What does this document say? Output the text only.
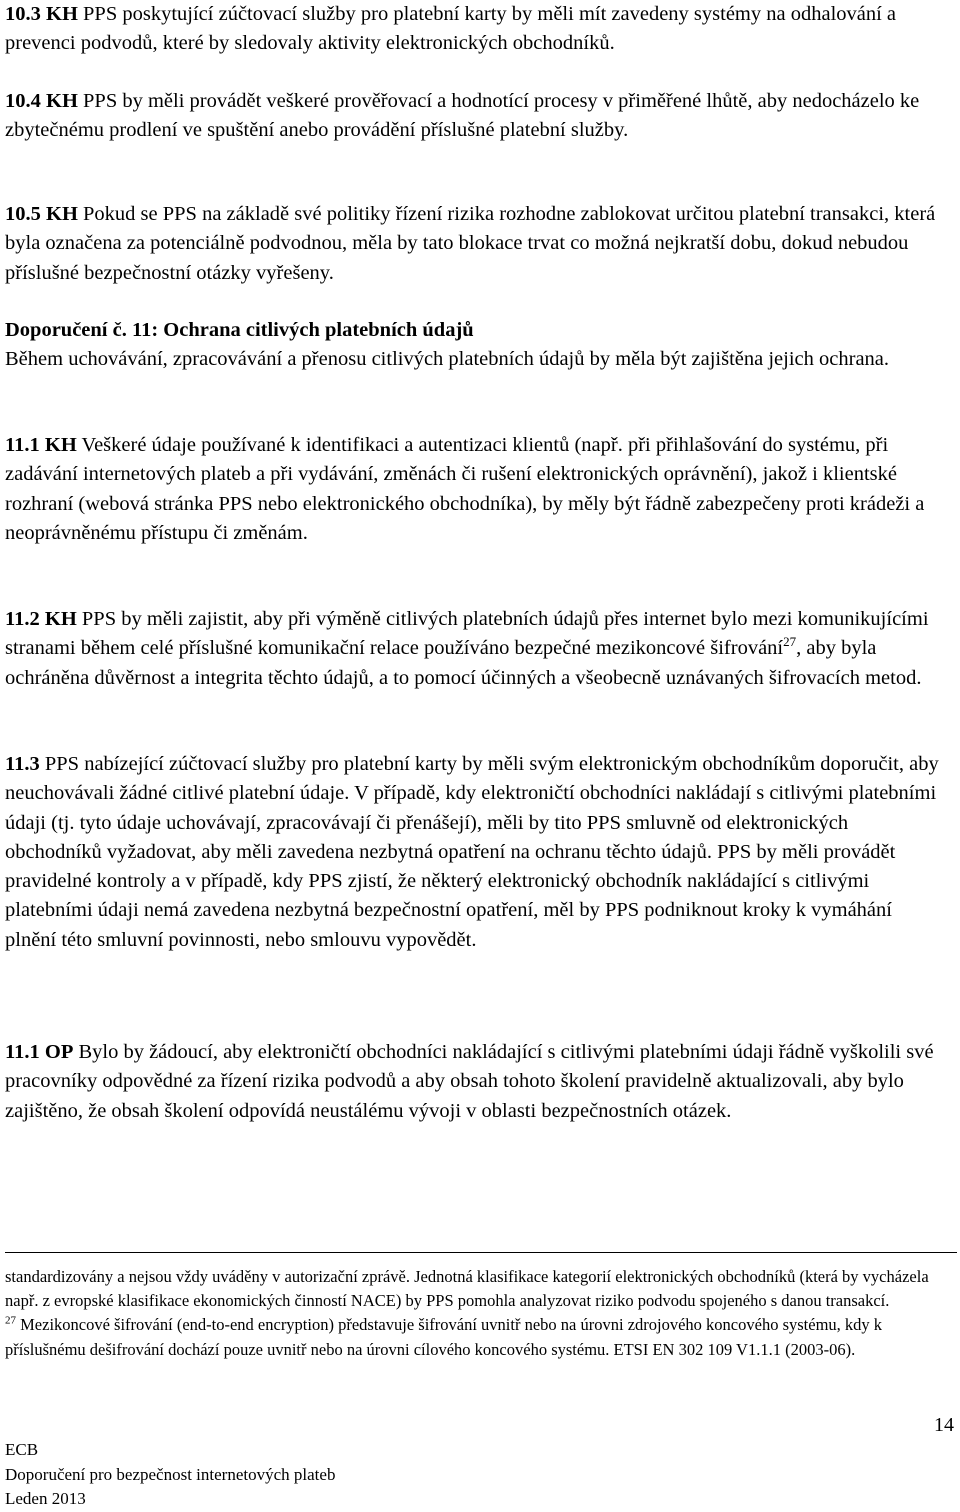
10.3 KH PPS poskytující zúčtovací služby pro platební karty by měli mít zavedeny systémy na odhalování a prevenci podvodů, které by sledovaly aktivity elektronických obchodníků.

10.4 KH PPS by měli provádět veškeré prověřovací a hodnotící procesy v přiměřené lhůtě, aby nedocházelo ke zbytečnému prodlení ve spuštění anebo provádění příslušné platební služby.

10.5 KH Pokud se PPS na základě své politiky řízení rizika rozhodne zablokovat určitou platební transakci, která byla označena za potenciálně podvodnou, měla by tato blokace trvat co možná nejkratší dobu, dokud nebudou příslušné bezpečnostní otázky vyřešeny.

Doporučení č. 11: Ochrana citlivých platebních údajů
Během uchovávání, zpracovávání a přenosu citlivých platebních údajů by měla být zajištěna jejich ochrana.

11.1 KH Veškeré údaje používané k identifikaci a autentizaci klientů (např. při přihlašování do systému, při zadávání internetových plateb a při vydávání, změnách či rušení elektronických oprávnění), jakož i klientské rozhraní (webová stránka PPS nebo elektronického obchodníka), by měly být řádně zabezpečeny proti krádeži a neoprávněnému přístupu či změnám.

11.2 KH PPS by měli zajistit, aby při výměně citlivých platebních údajů přes internet bylo mezi komunikujícími stranami během celé příslušné komunikační relace používáno bezpečné mezikoncové šifrování$^{27}$, aby byla ochráněna důvěrnost a integrita těchto údajů, a to pomocí účinných a všeobecně uznávaných šifrovacích metod.

11.3 PPS nabízející zúčtovací služby pro platební karty by měli svým elektronickým obchodníkům doporučit, aby neuchovávali žádné citlivé platební údaje. V případě, kdy elektroničtí obchodníci nakládají s citlivými platebními údaji (tj. tyto údaje uchovávají, zpracovávají či přenášejí), měli by tito PPS smluvně od elektronických obchodníků vyžadovat, aby měli zavedena nezbytná opatření na ochranu těchto údajů. PPS by měli provádět pravidelné kontroly a v případě, kdy PPS zjistí, že některý elektronický obchodník nakládající s citlivými platebními údaji nemá zavedena nezbytná bezpečnostní opatření, měl by PPS podniknout kroky k vymáhání plnění této smluvní povinnosti, nebo smlouvu vypovědět.

11.1 OP Bylo by žádoucí, aby elektroničtí obchodníci nakládající s citlivými platebními údaji řádně vyškolili své pracovníky odpovědné za řízení rizika podvodů a aby obsah tohoto školení pravidelně aktualizovali, aby bylo zajištěno, že obsah školení odpovídá neustálému vývoji v oblasti bezpečnostních otázek.

standardizovány a nejsou vždy uváděny v autorizační zprávě. Jednotná klasifikace kategorií elektronických obchodníků (která by vycházela např. z evropské klasifikace ekonomických činností NACE) by PPS pomohla analyzovat riziko podvodu spojeného s danou transakcí.

$^{27}$ Mezikoncové šifrování (end-to-end encryption) představuje šifrování uvnitř nebo na úrovni zdrojového koncového systému, kdy k příslušnému dešifrování dochází pouze uvnitř nebo na úrovni cílového koncového systému. ETSI EN 302 109 V1.1.1 (2003-06).

14
ECB
Doporučení pro bezpečnost internetových plateb
Leden 2013
